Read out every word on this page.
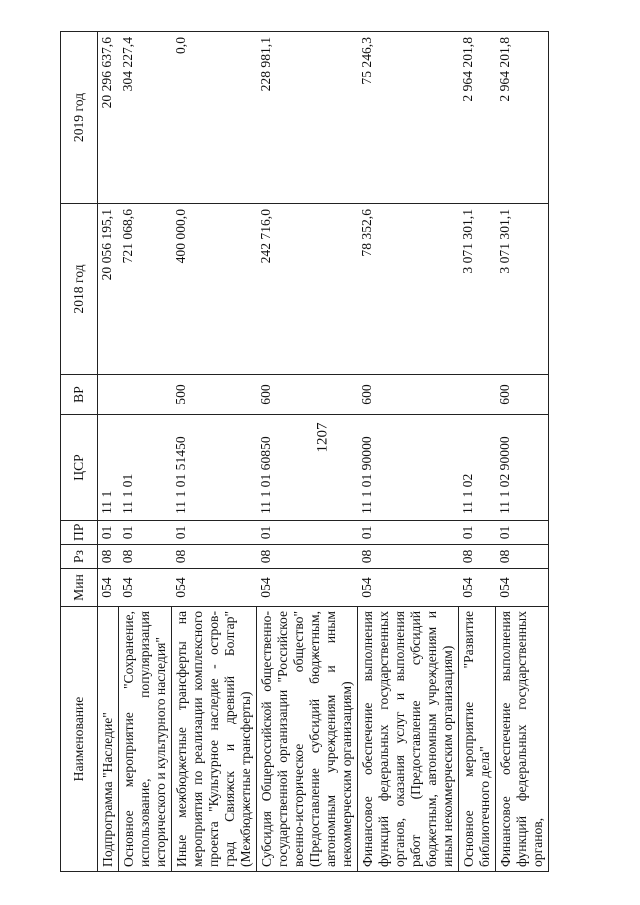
1207
Наименование	Мин	Рз	ПР	ЦСР	ВР	2018 год	2019 год
Подпрограмма "Наследие"	054	08	01	11 1		20 056 195,1	20 296 637,6
Основное мероприятие "Сохранение, использование, популяризация исторического и культурного наследия"	054	08	01	11 1 01		721 068,6	304 227,4
Иные межбюджетные трансферты на мероприятия по реализации комплексного проекта "Культурное наследие - остров-град Свияжск и древний Болгар" (Межбюджетные трансферты)	054	08	01	11 1 01 51450	500	400 000,0	0,0
Субсидия Общероссийской общественно-государственной организации "Российское военно-историческое общество" (Предоставление субсидий бюджетным, автономным учреждениям и иным некоммерческим организациям)	054	08	01	11 1 01 60850	600	242 716,0	228 981,1
Финансовое обеспечение выполнения функций федеральных государственных органов, оказания услуг и выполнения работ (Предоставление субсидий бюджетным, автономным учреждениям и иным некоммерческим организациям)	054	08	01	11 1 01 90000	600	78 352,6	75 246,3
Основное мероприятие "Развитие библиотечного дела"	054	08	01	11 1 02		3 071 301,1	2 964 201,8
Финансовое обеспечение выполнения функций федеральных государственных органов,	054	08	01	11 1 02 90000	600	3 071 301,1	2 964 201,8
